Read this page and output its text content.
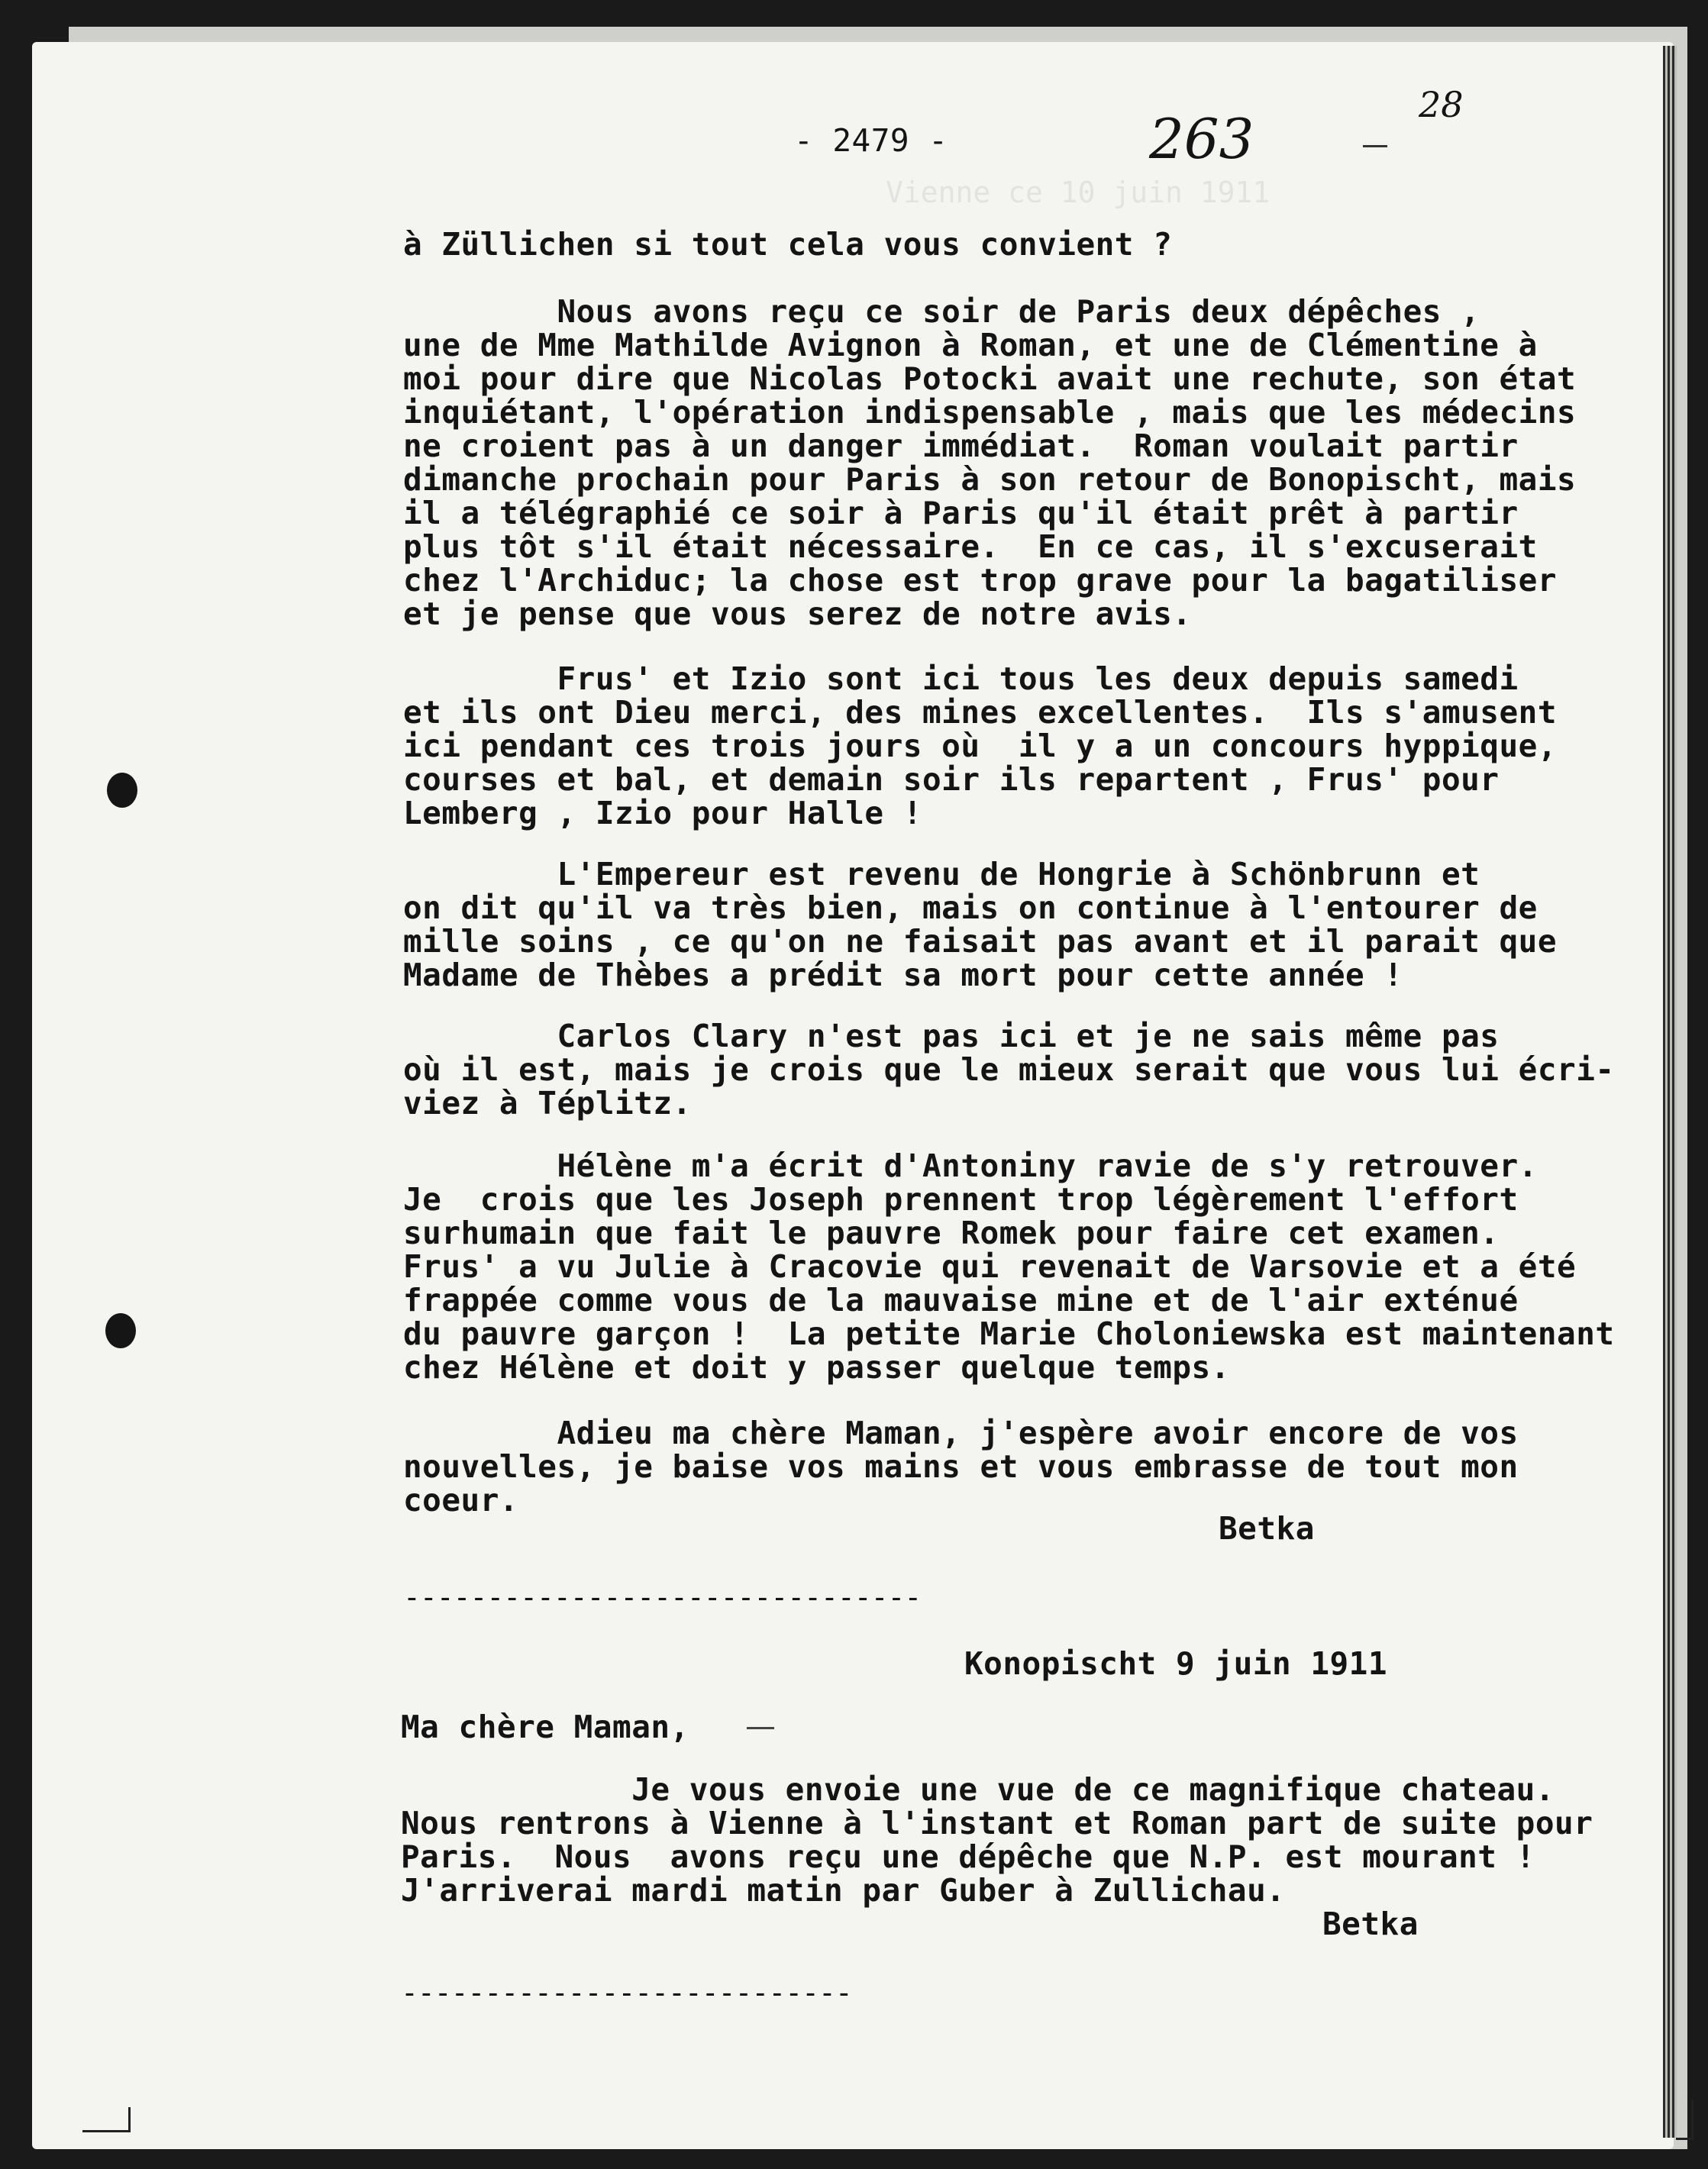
Vienne ce 10 juin 1911
- 2479 -	263
28
à Züllichen si tout cela vous convient ?
Nous avons reçu ce soir de Paris deux dépêches ,
une de Mme Mathilde Avignon à Roman, et une de Clémentine à
moi pour dire que Nicolas Potocki avait une rechute, son état
inquiétant, l'opération indispensable , mais que les médecins
ne croient pas à un danger immédiat.  Roman voulait partir
dimanche prochain pour Paris à son retour de Bonopischt, mais
il a télégraphié ce soir à Paris qu'il était prêt à partir
plus tôt s'il était nécessaire.  En ce cas, il s'excuserait
chez l'Archiduc; la chose est trop grave pour la bagatiliser
et je pense que vous serez de notre avis.
Frus' et Izio sont ici tous les deux depuis samedi
et ils ont Dieu merci, des mines excellentes.  Ils s'amusent
ici pendant ces trois jours où  il y a un concours hyppique,
courses et bal, et demain soir ils repartent , Frus' pour
Lemberg , Izio pour Halle !
L'Empereur est revenu de Hongrie à Schönbrunn et
on dit qu'il va très bien, mais on continue à l'entourer de
mille soins , ce qu'on ne faisait pas avant et il parait que
Madame de Thèbes a prédit sa mort pour cette année !
Carlos Clary n'est pas ici et je ne sais même pas
où il est, mais je crois que le mieux serait que vous lui écri-
viez à Téplitz.
Hélène m'a écrit d'Antoniny ravie de s'y retrouver.
Je  crois que les Joseph prennent trop légèrement l'effort
surhumain que fait le pauvre Romek pour faire cet examen.
Frus' a vu Julie à Cracovie qui revenait de Varsovie et a été
frappée comme vous de la mauvaise mine et de l'air exténué
du pauvre garçon !  La petite Marie Choloniewska est maintenant
chez Hélène et doit y passer quelque temps.
Adieu ma chère Maman, j'espère avoir encore de vos
nouvelles, je baise vos mains et vous embrasse de tout mon
coeur.
Betka
-------------------------------
Konopischt 9 juin 1911
Ma chère Maman,
Je vous envoie une vue de ce magnifique chateau.
Nous rentrons à Vienne à l'instant et Roman part de suite pour
Paris.  Nous  avons reçu une dépêche que N.P. est mourant !
J'arriverai mardi matin par Guber à Zullichau.
Betka
---------------------------
